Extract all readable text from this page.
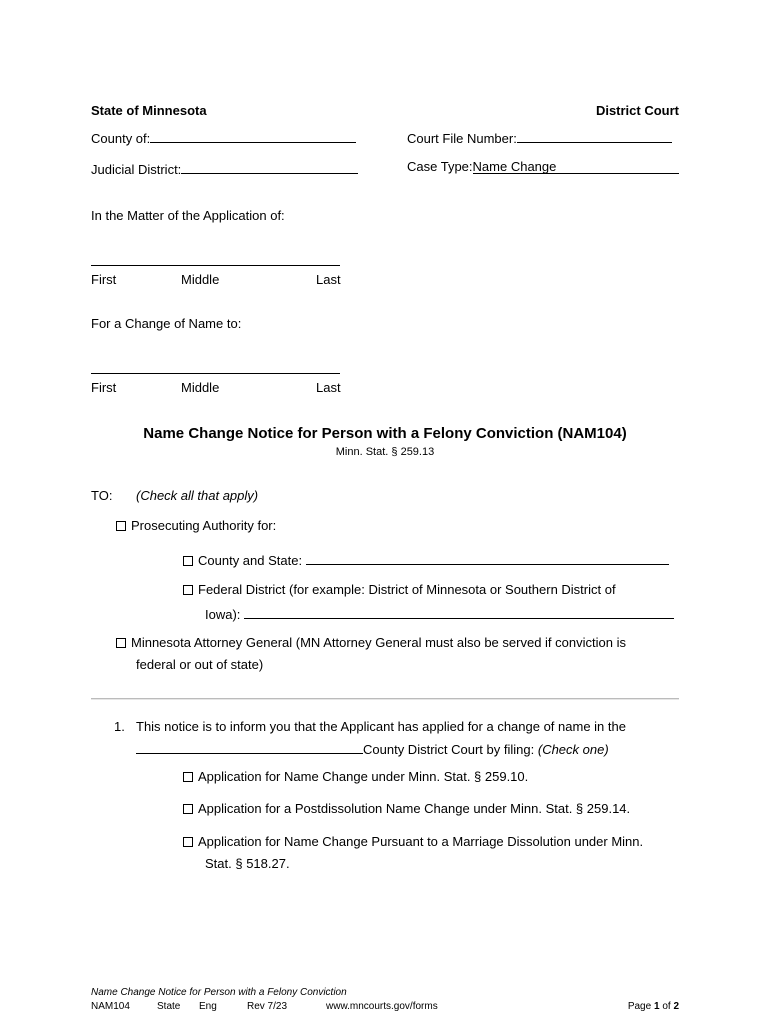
State of Minnesota	District Court
County of:	Court File Number:
Judicial District:	Case Type:Name Change
In the Matter of the Application of:
First	Middle	Last
For a Change of Name to:
First	Middle	Last
Name Change Notice for Person with a Felony Conviction (NAM104)
Minn. Stat. § 259.13
TO: (Check all that apply)
Prosecuting Authority for:
County and State:
Federal District (for example: District of Minnesota or Southern District of
Iowa):
Minnesota Attorney General (MN Attorney General must also be served if conviction is
federal or out of state)
1. This notice is to inform you that the Applicant has applied for a change of name in the
County District Court by filing: (Check one)
Application for Name Change under Minn. Stat. § 259.10.
Application for a Postdissolution Name Change under Minn. Stat. § 259.14.
Application for Name Change Pursuant to a Marriage Dissolution under Minn.
Stat. § 518.27.
Name Change Notice for Person with a Felony Conviction
NAM104	State Eng	Rev 7/23	www.mncourts.gov/forms	Page 1 of 2
